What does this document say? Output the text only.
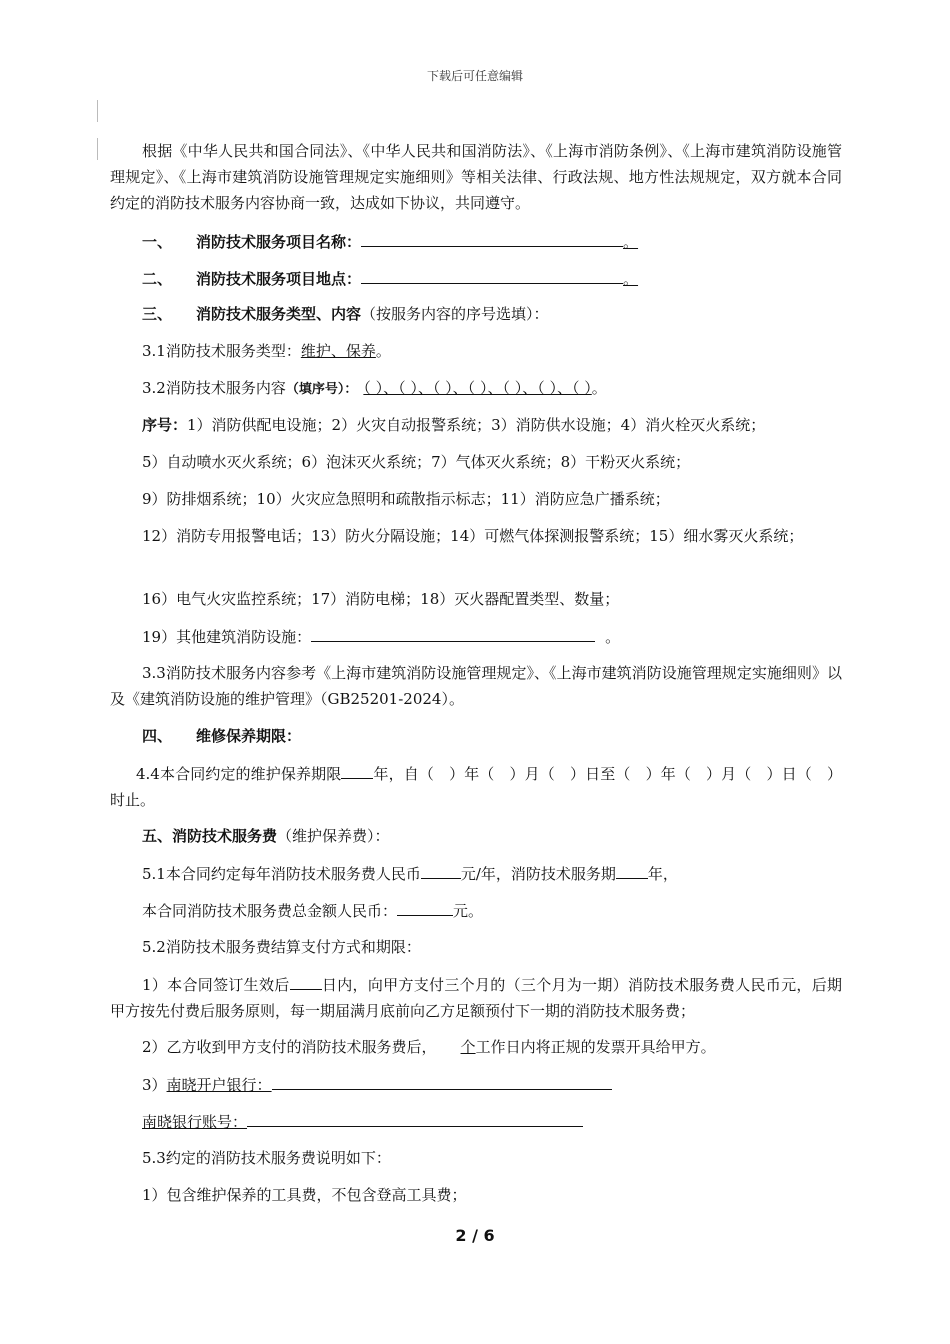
下载后可任意编辑
根据《中华人民共和国合同法》、《中华人民共和国消防法》、《上海市消防条例》、《上海市建筑消防设施管理规定》、《上海市建筑消防设施管理规定实施细则》等相关法律、行政法规、地方性法规规定，双方就本合同约定的消防技术服务内容协商一致，达成如下协议，共同遵守。
一、 消防技术服务项目名称：	。
二、 消防技术服务项目地点：	。
三、 消防技术服务类型、内容（按服务内容的序号选填）：
3.1消防技术服务类型：维护、保养。
3.2消防技术服务内容（填序号）： （ ）、（ ）、（ ）、（ ）、（ ）、（ ）、（ ）。
序号：1）消防供配电设施；2）火灾自动报警系统；3）消防供水设施；4）消火栓灭火系统；
5）自动喷水灭火系统；6）泡沫灭火系统；7）气体灭火系统；8）干粉灭火系统；
9）防排烟系统；10）火灾应急照明和疏散指示标志；11）消防应急广播系统；
12）消防专用报警电话；13）防火分隔设施；14）可燃气体探测报警系统；15）细水雾灭火系统；
16）电气火灾监控系统；17）消防电梯；18）灭火器配置类型、数量；
19）其他建筑消防设施：	。
3.3消防技术服务内容参考《上海市建筑消防设施管理规定》、《上海市建筑消防设施管理规定实施细则》以及《建筑消防设施的维护管理》（GB25201-2024）。
四、 维修保养期限：
4.4本合同约定的维护保养期限 年，自（　）年（　）月（　）日至（　）年（　）月（　）日（　）时止。
五、消防技术服务费（维护保养费）：
5.1本合同约定每年消防技术服务费人民币	元/年，消防技术服务期 年，
本合同消防技术服务费总金额人民币：	元。
5.2消防技术服务费结算支付方式和期限：
1）本合同签订生效后 日内，向甲方支付三个月的（三个月为一期）消防技术服务费人民币元，后期甲方按先付费后服务原则，每一期届满月底前向乙方足额预付下一期的消防技术服务费；
2）乙方收到甲方支付的消防技术服务费后， 个工作日内将正规的发票开具给甲方。
3）南晓开户银行：
南晓银行账号：
5.3约定的消防技术服务费说明如下：
1）包含维护保养的工具费，不包含登高工具费；
2 / 6
